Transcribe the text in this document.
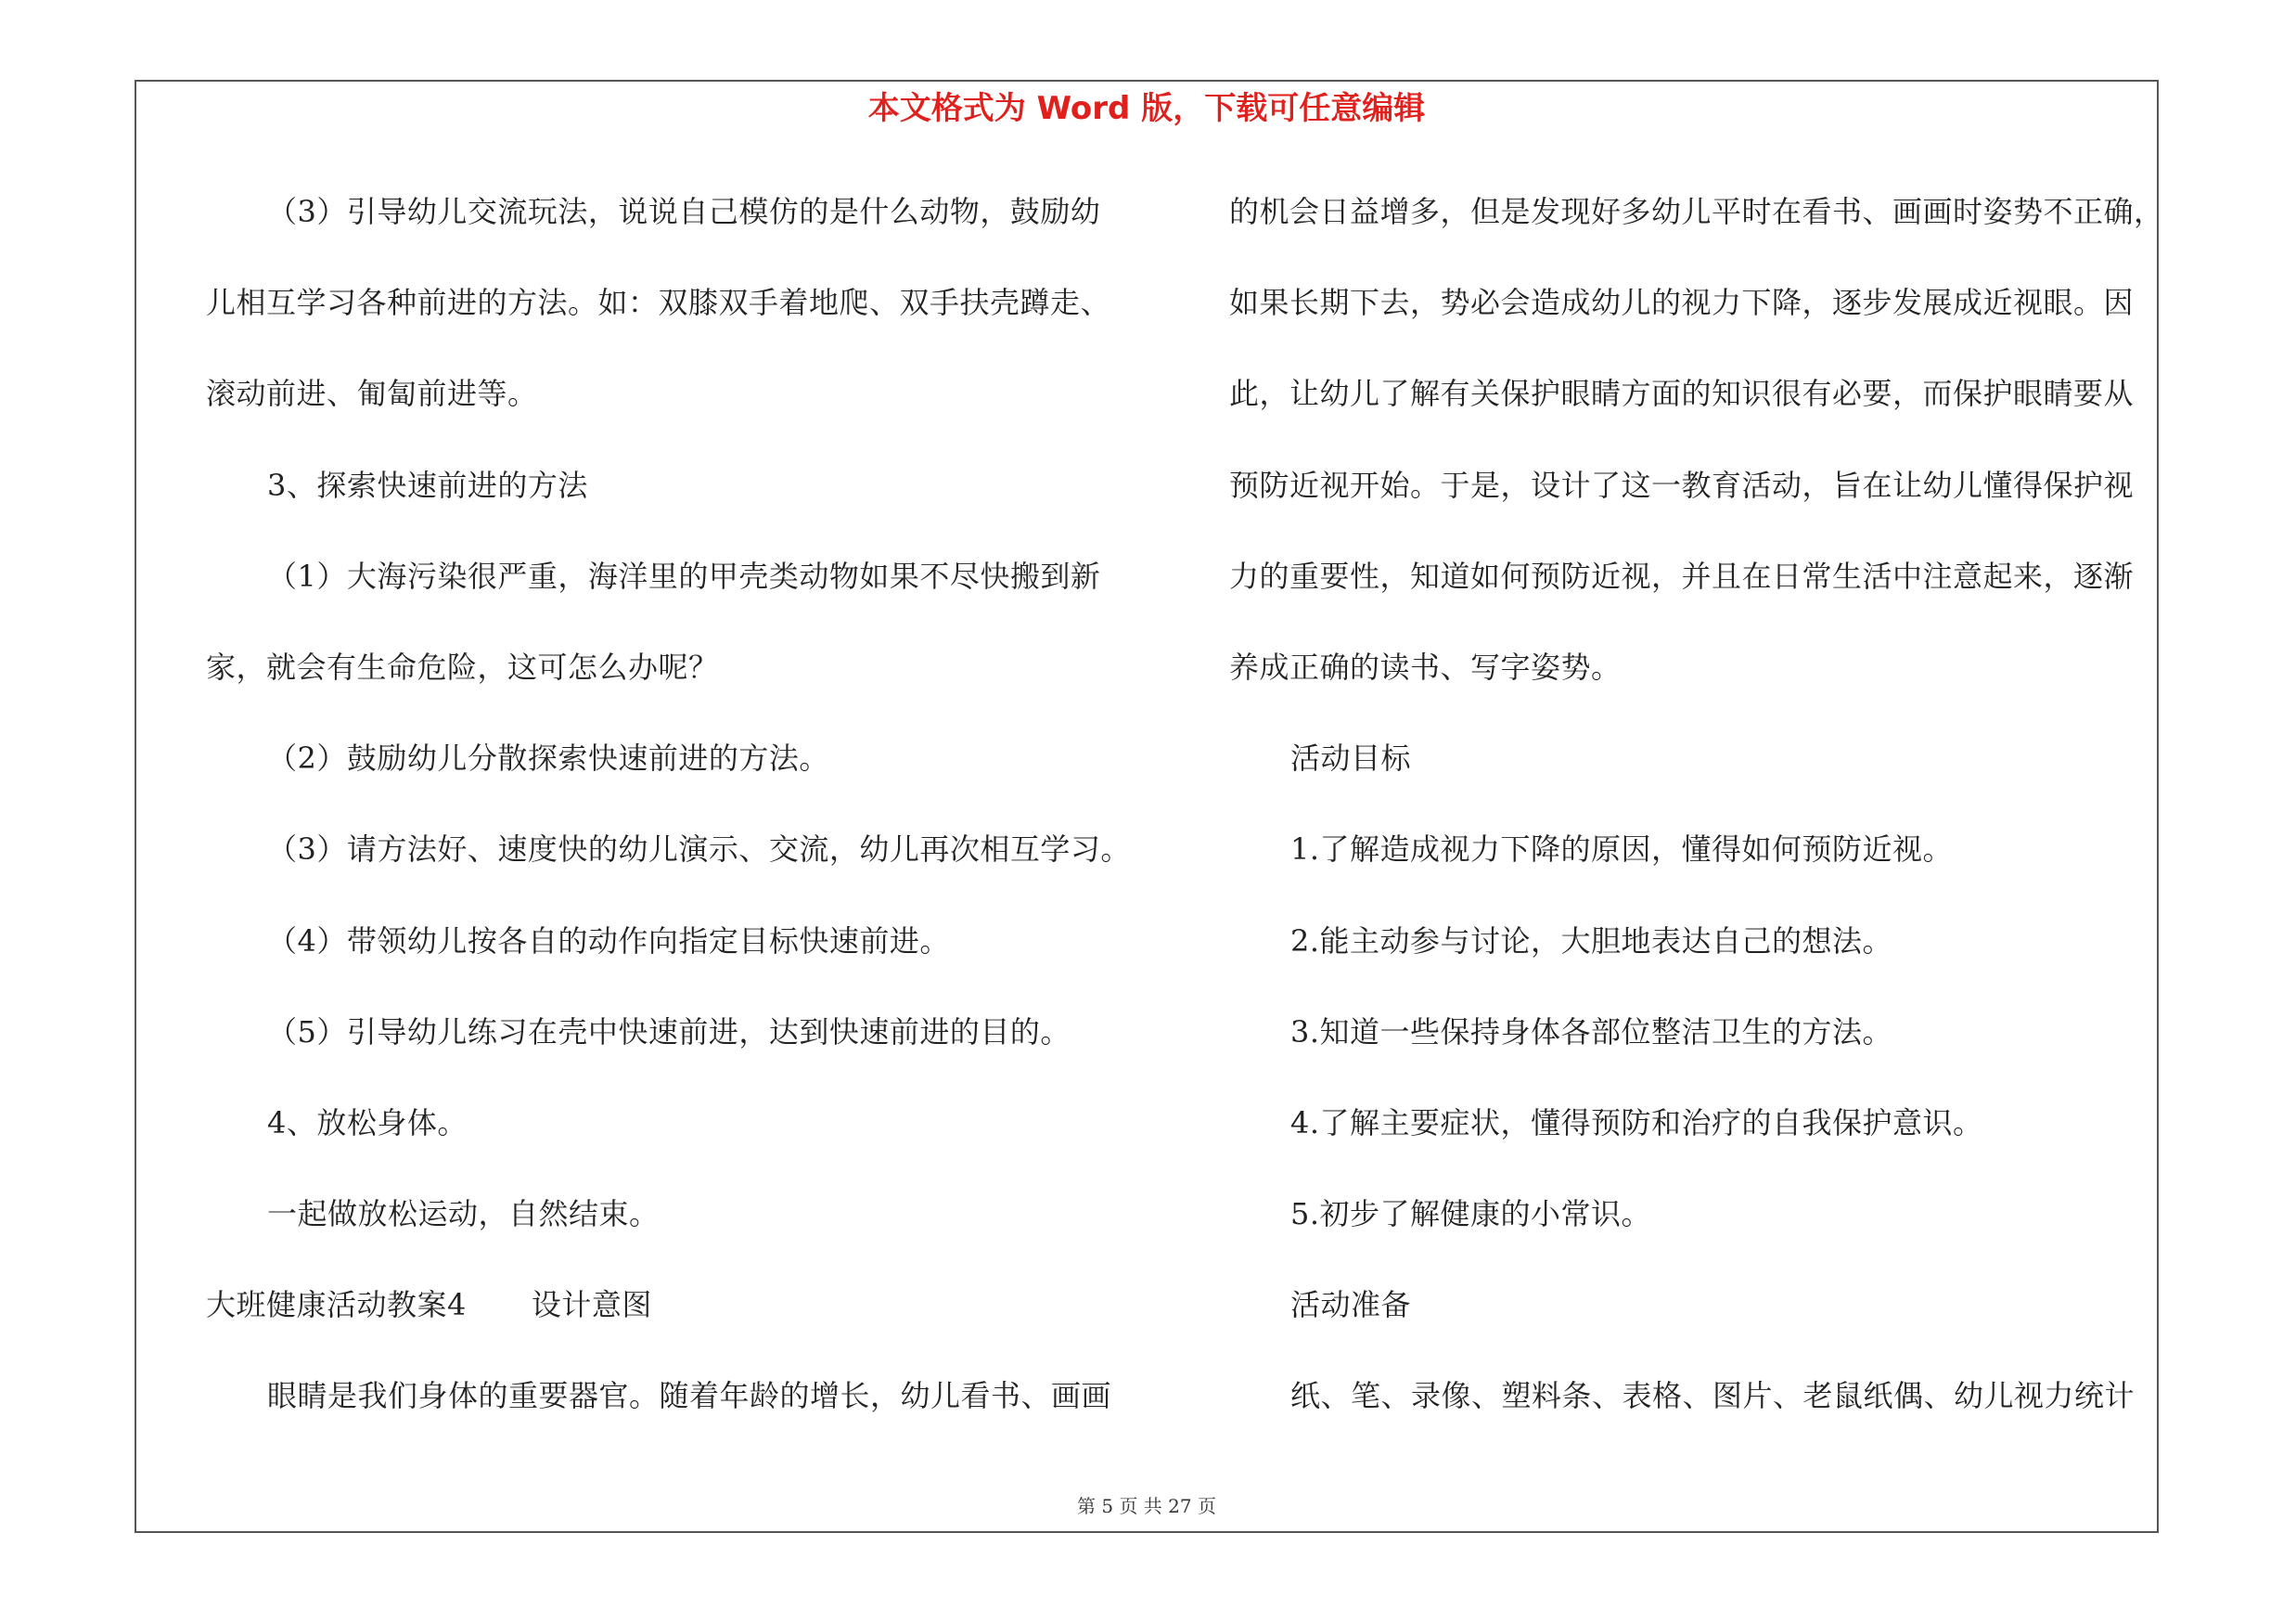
本文格式为 Word 版，下载可任意编辑
（3）引导幼儿交流玩法，说说自己模仿的是什么动物，鼓励幼
儿相互学习各种前进的方法。如：双膝双手着地爬、双手扶壳蹲走、
滚动前进、匍匐前进等。
3、探索快速前进的方法
（1）大海污染很严重，海洋里的甲壳类动物如果不尽快搬到新
家，就会有生命危险，这可怎么办呢？
（2）鼓励幼儿分散探索快速前进的方法。
（3）请方法好、速度快的幼儿演示、交流，幼儿再次相互学习。
（4）带领幼儿按各自的动作向指定目标快速前进。
（5）引导幼儿练习在壳中快速前进，达到快速前进的目的。
4、放松身体。
一起做放松运动，自然结束。
大班健康活动教案4 设计意图
眼睛是我们身体的重要器官。随着年龄的增长，幼儿看书、画画
的机会日益增多，但是发现好多幼儿平时在看书、画画时姿势不正确，
如果长期下去，势必会造成幼儿的视力下降，逐步发展成近视眼。因
此，让幼儿了解有关保护眼睛方面的知识很有必要，而保护眼睛要从
预防近视开始。于是，设计了这一教育活动，旨在让幼儿懂得保护视
力的重要性，知道如何预防近视，并且在日常生活中注意起来，逐渐
养成正确的读书、写字姿势。
活动目标
1.了解造成视力下降的原因，懂得如何预防近视。
2.能主动参与讨论，大胆地表达自己的想法。
3.知道一些保持身体各部位整洁卫生的方法。
4.了解主要症状，懂得预防和治疗的自我保护意识。
5.初步了解健康的小常识。
活动准备
纸、笔、录像、塑料条、表格、图片、老鼠纸偶、幼儿视力统计
第 5 页 共 27 页
